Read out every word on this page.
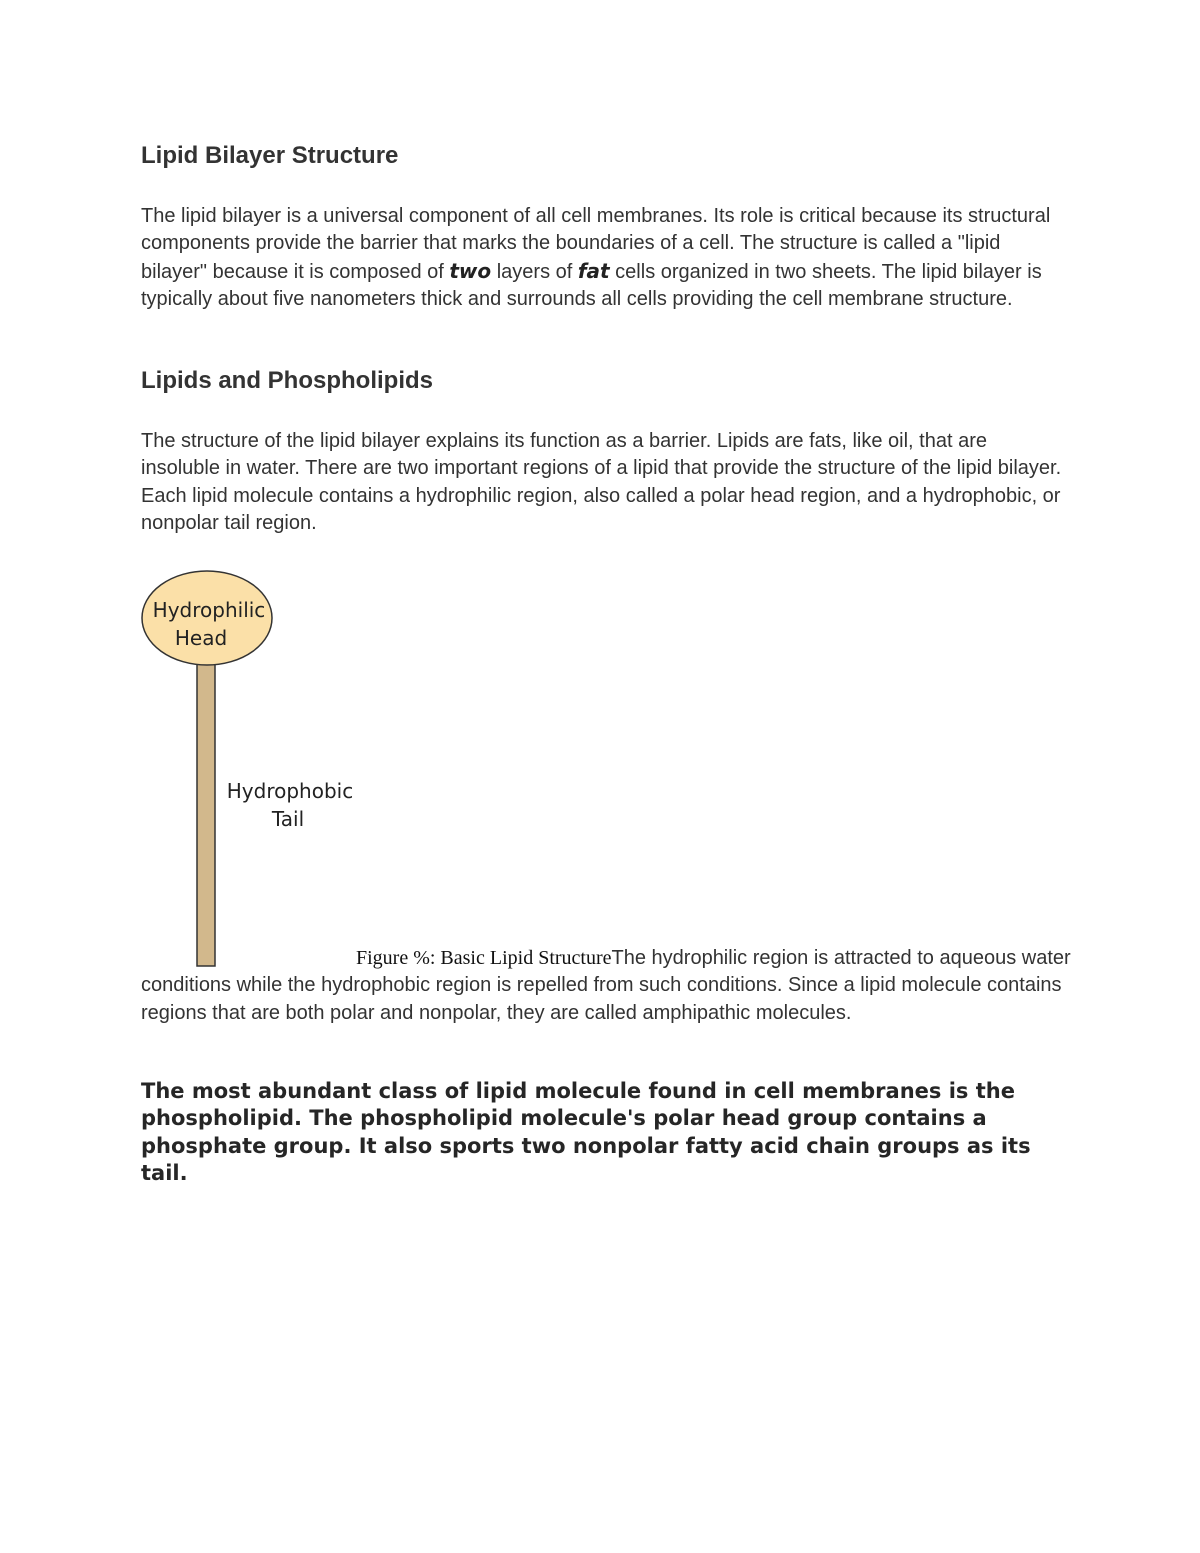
Hydrophilic
Head
Hydrophobic
Tail
Lipid Bilayer Structure

The lipid bilayer is a universal component of all cell membranes. Its role is critical because its structural components provide the barrier that marks the boundaries of a cell. The structure is called a "lipid bilayer" because it is composed of two layers of fat cells organized in two sheets. The lipid bilayer is typically about five nanometers thick and surrounds all cells providing the cell membrane structure.

Lipids and Phospholipids

The structure of the lipid bilayer explains its function as a barrier. Lipids are fats, like oil, that are insoluble in water. There are two important regions of a lipid that provide the structure of the lipid bilayer. Each lipid molecule contains a hydrophilic region, also called a polar head region, and a hydrophobic, or nonpolar tail region.

Figure %: Basic Lipid StructureThe hydrophilic region is attracted to aqueous water conditions while the hydrophobic region is repelled from such conditions. Since a lipid molecule contains regions that are both polar and nonpolar, they are called amphipathic molecules.

The most abundant class of lipid molecule found in cell membranes is the phospholipid. The phospholipid molecule's polar head group contains a phosphate group. It also sports two nonpolar fatty acid chain groups as its tail.
